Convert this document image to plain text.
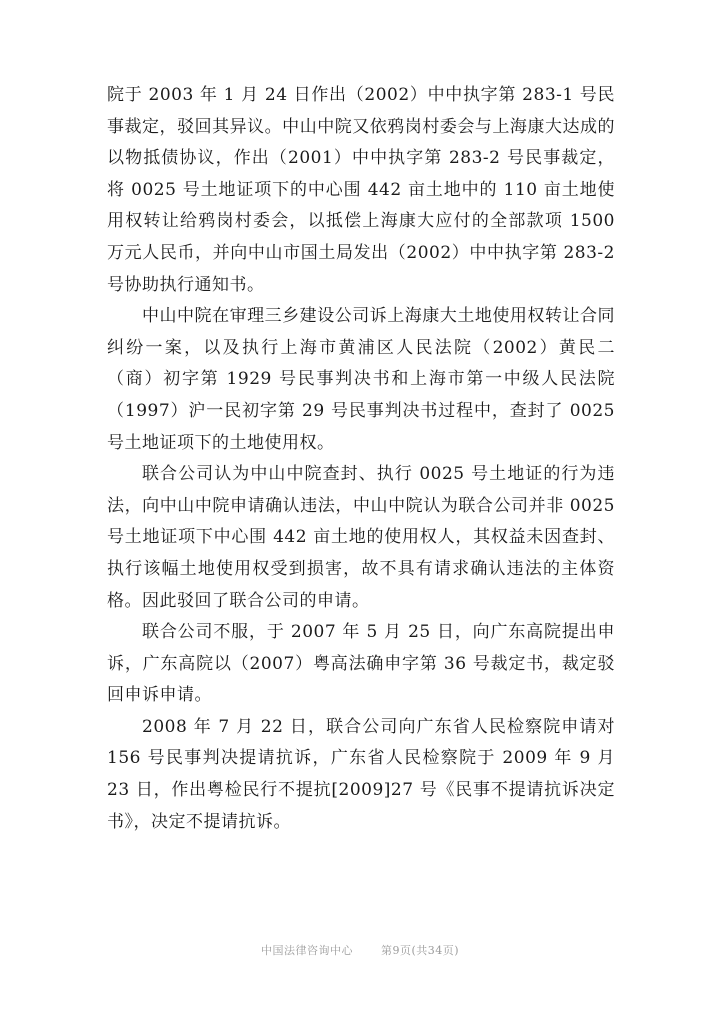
院于 2003 年 1 月 24 日作出（2002）中中执字第 283-1 号民事裁定，驳回其异议。中山中院又依鸦岗村委会与上海康大达成的以物抵债协议，作出（2001）中中执字第 283-2 号民事裁定，将 0025 号土地证项下的中心围 442 亩土地中的 110 亩土地使用权转让给鸦岗村委会，以抵偿上海康大应付的全部款项 1500 万元人民币，并向中山市国土局发出（2002）中中执字第 283-2 号协助执行通知书。

中山中院在审理三乡建设公司诉上海康大土地使用权转让合同纠纷一案，以及执行上海市黄浦区人民法院（2002）黄民二（商）初字第 1929 号民事判决书和上海市第一中级人民法院（1997）沪一民初字第 29 号民事判决书过程中，查封了 0025 号土地证项下的土地使用权。

联合公司认为中山中院查封、执行 0025 号土地证的行为违法，向中山中院申请确认违法，中山中院认为联合公司并非 0025 号土地证项下中心围 442 亩土地的使用权人，其权益未因查封、执行该幅土地使用权受到损害，故不具有请求确认违法的主体资格。因此驳回了联合公司的申请。

联合公司不服，于 2007 年 5 月 25 日，向广东高院提出申诉，广东高院以（2007）粤高法确申字第 36 号裁定书，裁定驳回申诉申请。

2008 年 7 月 22 日，联合公司向广东省人民检察院申请对 156 号民事判决提请抗诉，广东省人民检察院于 2009 年 9 月 23 日，作出粤检民行不提抗[2009]27 号《民事不提请抗诉决定书》，决定不提请抗诉。

中国法律咨询中心	第9页(共34页)
